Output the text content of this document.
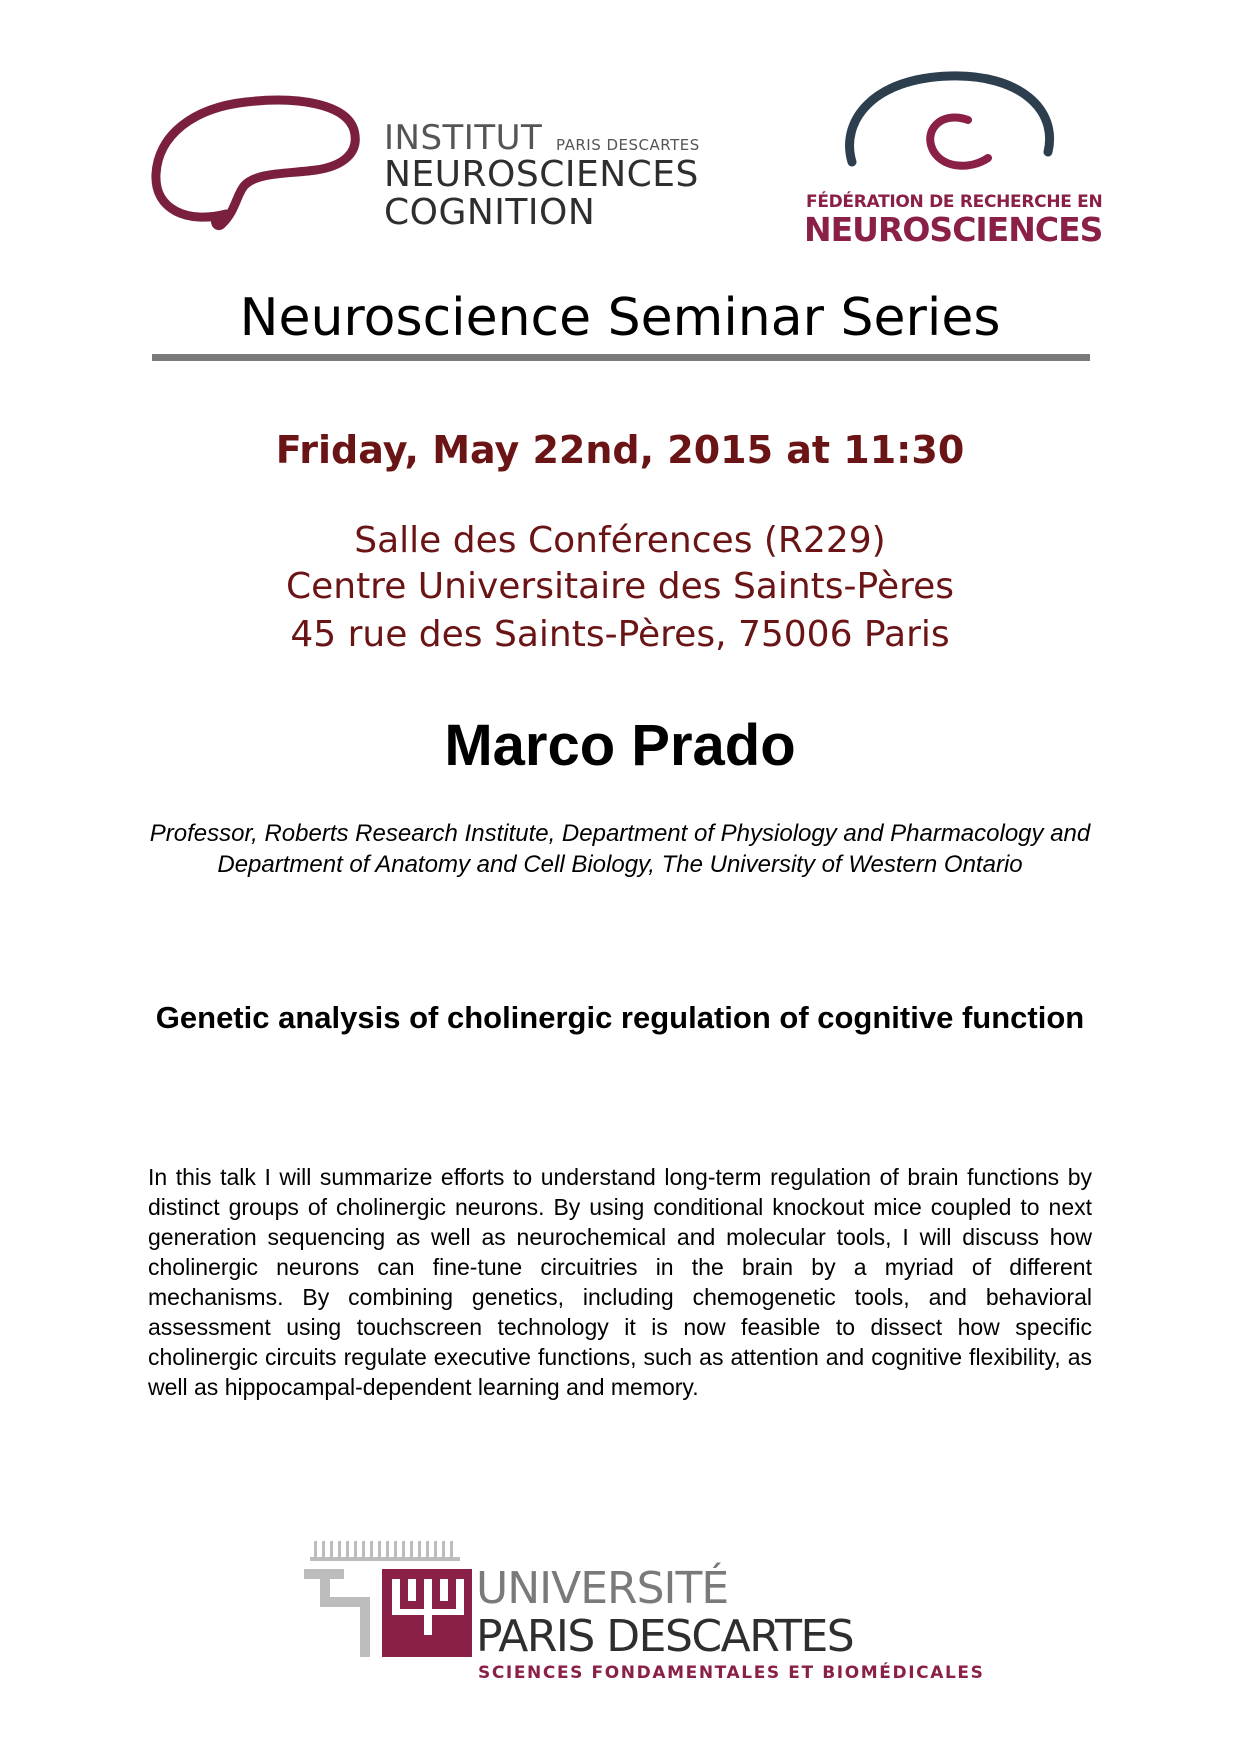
INSTITUT PARIS DESCARTES
NEUROSCIENCES
COGNITION	FÉDÉRATION DE RECHERCHE EN
NEUROSCIENCES
Neuroscience Seminar Series
Friday, May 22nd, 2015 at 11:30
Salle des Conférences (R229)
Centre Universitaire des Saints-Pères
45 rue des Saints-Pères, 75006 Paris
Marco Prado
Professor, Roberts Research Institute, Department of Physiology and Pharmacology and Department of Anatomy and Cell Biology, The University of Western Ontario
Genetic analysis of cholinergic regulation of cognitive function
In this talk I will summarize efforts to understand long-term regulation of brain functions by distinct groups of cholinergic neurons. By using conditional knockout mice coupled to next generation sequencing as well as neurochemical and molecular tools, I will discuss how cholinergic neurons can fine-tune circuitries in the brain by a myriad of different mechanisms. By combining genetics, including chemogenetic tools, and behavioral assessment using touchscreen technology it is now feasible to dissect how specific cholinergic circuits regulate executive functions, such as attention and cognitive flexibility, as well as hippocampal-dependent learning and memory.
UNIVERSITÉ
PARIS DESCARTES
SCIENCES FONDAMENTALES ET BIOMÉDICALES
